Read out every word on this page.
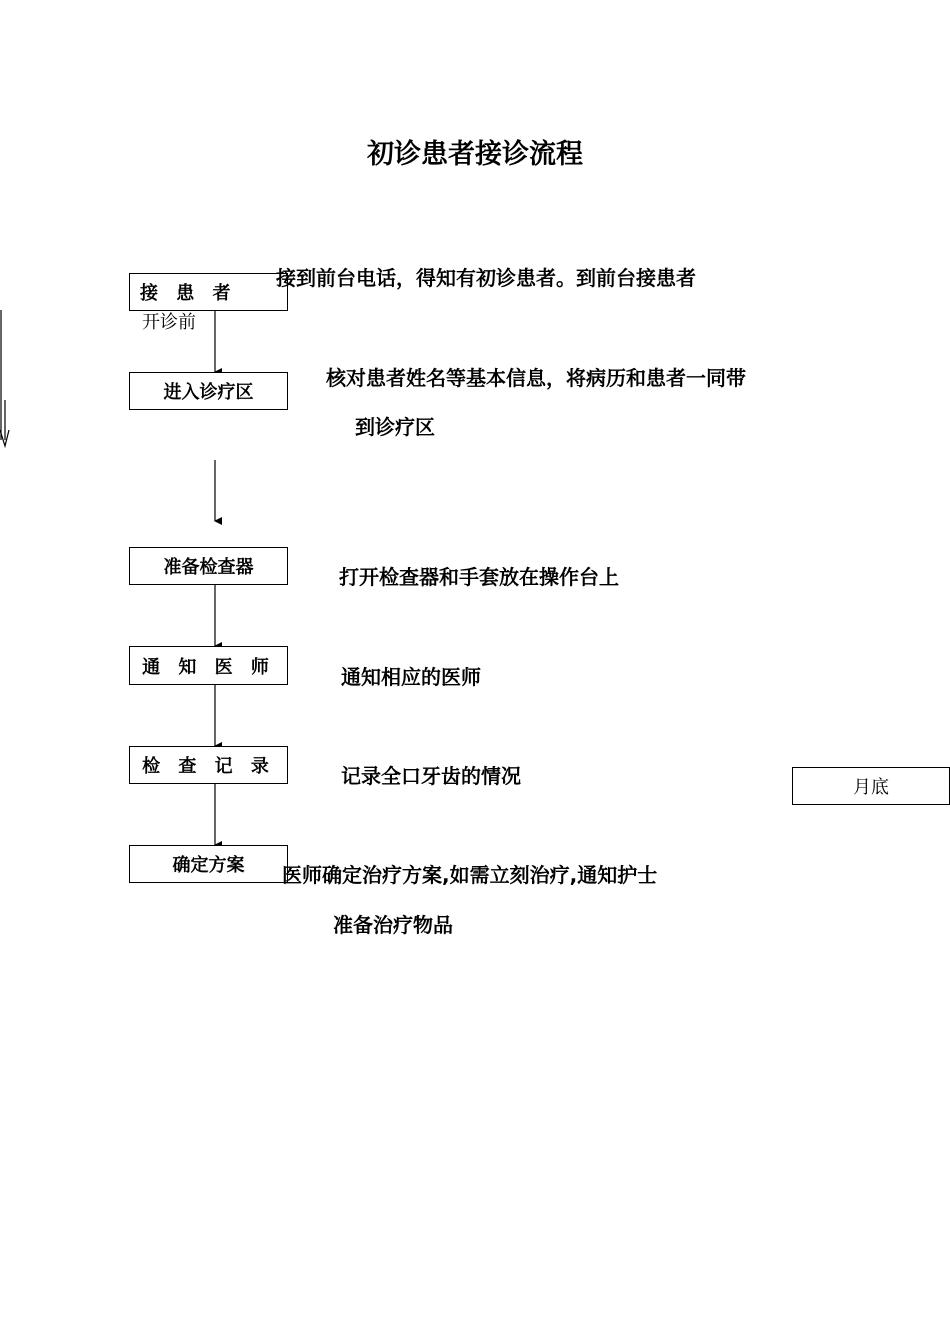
初诊患者接诊流程
接 患 者
接到前台电话，得知有初诊患者。到前台接患者
开诊前
进入诊疗区
核对患者姓名等基本信息，将病历和患者一同带
到诊疗区
准备检查器	打开检查器和手套放在操作台上
通 知 医 师	通知相应的医师
检 查 记 录	记录全口牙齿的情况
确定方案	医师确定治疗方案,如需立刻治疗,通知护士
准备治疗物品
月底
